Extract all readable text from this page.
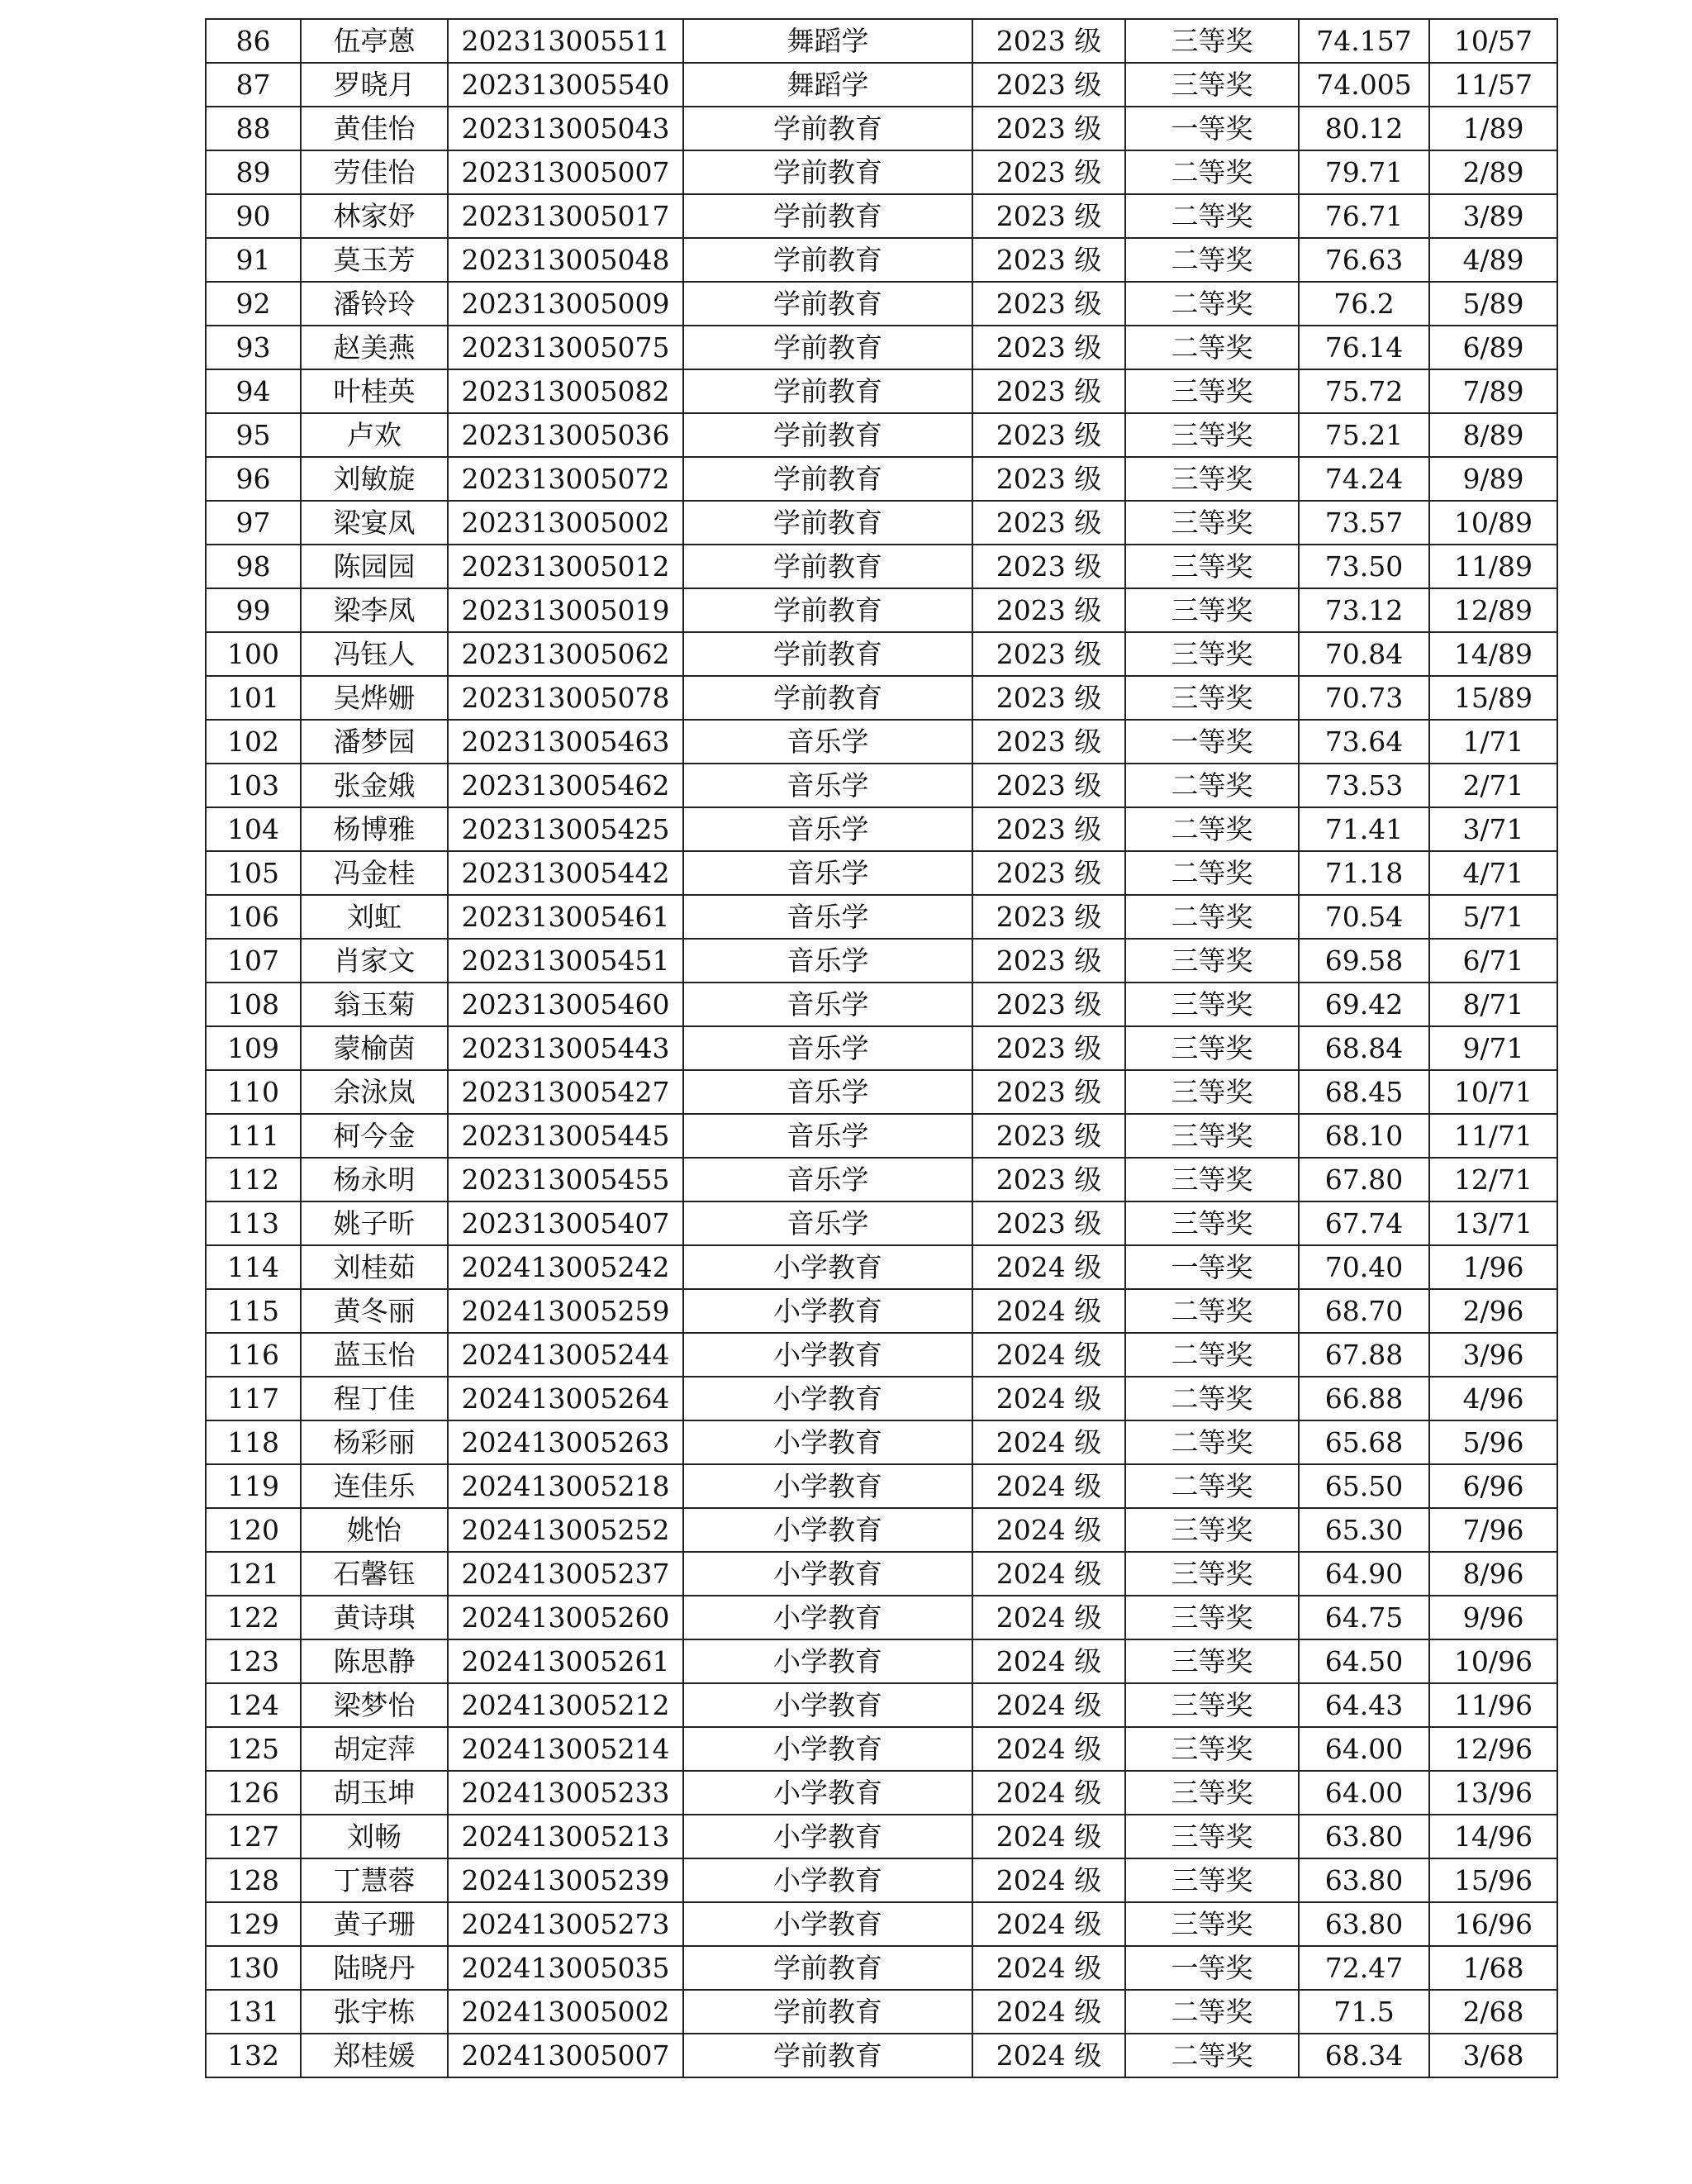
86	伍亭蒽	202313005511	舞蹈学	2023 级	三等奖	74.157	10/57
87	罗晓月	202313005540	舞蹈学	2023 级	三等奖	74.005	11/57
88	黄佳怡	202313005043	学前教育	2023 级	一等奖	80.12	1/89
89	劳佳怡	202313005007	学前教育	2023 级	二等奖	79.71	2/89
90	林家妤	202313005017	学前教育	2023 级	二等奖	76.71	3/89
91	莫玉芳	202313005048	学前教育	2023 级	二等奖	76.63	4/89
92	潘铃玲	202313005009	学前教育	2023 级	二等奖	76.2	5/89
93	赵美燕	202313005075	学前教育	2023 级	二等奖	76.14	6/89
94	叶桂英	202313005082	学前教育	2023 级	三等奖	75.72	7/89
95	卢欢	202313005036	学前教育	2023 级	三等奖	75.21	8/89
96	刘敏旋	202313005072	学前教育	2023 级	三等奖	74.24	9/89
97	梁宴凤	202313005002	学前教育	2023 级	三等奖	73.57	10/89
98	陈园园	202313005012	学前教育	2023 级	三等奖	73.50	11/89
99	梁李凤	202313005019	学前教育	2023 级	三等奖	73.12	12/89
100	冯钰人	202313005062	学前教育	2023 级	三等奖	70.84	14/89
101	吴烨姗	202313005078	学前教育	2023 级	三等奖	70.73	15/89
102	潘梦园	202313005463	音乐学	2023 级	一等奖	73.64	1/71
103	张金娥	202313005462	音乐学	2023 级	二等奖	73.53	2/71
104	杨博雅	202313005425	音乐学	2023 级	二等奖	71.41	3/71
105	冯金桂	202313005442	音乐学	2023 级	二等奖	71.18	4/71
106	刘虹	202313005461	音乐学	2023 级	二等奖	70.54	5/71
107	肖家文	202313005451	音乐学	2023 级	三等奖	69.58	6/71
108	翁玉菊	202313005460	音乐学	2023 级	三等奖	69.42	8/71
109	蒙榆茵	202313005443	音乐学	2023 级	三等奖	68.84	9/71
110	余泳岚	202313005427	音乐学	2023 级	三等奖	68.45	10/71
111	柯今金	202313005445	音乐学	2023 级	三等奖	68.10	11/71
112	杨永明	202313005455	音乐学	2023 级	三等奖	67.80	12/71
113	姚子昕	202313005407	音乐学	2023 级	三等奖	67.74	13/71
114	刘桂茹	202413005242	小学教育	2024 级	一等奖	70.40	1/96
115	黄冬丽	202413005259	小学教育	2024 级	二等奖	68.70	2/96
116	蓝玉怡	202413005244	小学教育	2024 级	二等奖	67.88	3/96
117	程丁佳	202413005264	小学教育	2024 级	二等奖	66.88	4/96
118	杨彩丽	202413005263	小学教育	2024 级	二等奖	65.68	5/96
119	连佳乐	202413005218	小学教育	2024 级	二等奖	65.50	6/96
120	姚怡	202413005252	小学教育	2024 级	三等奖	65.30	7/96
121	石馨钰	202413005237	小学教育	2024 级	三等奖	64.90	8/96
122	黄诗琪	202413005260	小学教育	2024 级	三等奖	64.75	9/96
123	陈思静	202413005261	小学教育	2024 级	三等奖	64.50	10/96
124	梁梦怡	202413005212	小学教育	2024 级	三等奖	64.43	11/96
125	胡定萍	202413005214	小学教育	2024 级	三等奖	64.00	12/96
126	胡玉坤	202413005233	小学教育	2024 级	三等奖	64.00	13/96
127	刘畅	202413005213	小学教育	2024 级	三等奖	63.80	14/96
128	丁慧蓉	202413005239	小学教育	2024 级	三等奖	63.80	15/96
129	黄子珊	202413005273	小学教育	2024 级	三等奖	63.80	16/96
130	陆晓丹	202413005035	学前教育	2024 级	一等奖	72.47	1/68
131	张宇栋	202413005002	学前教育	2024 级	二等奖	71.5	2/68
132	郑桂媛	202413005007	学前教育	2024 级	二等奖	68.34	3/68
